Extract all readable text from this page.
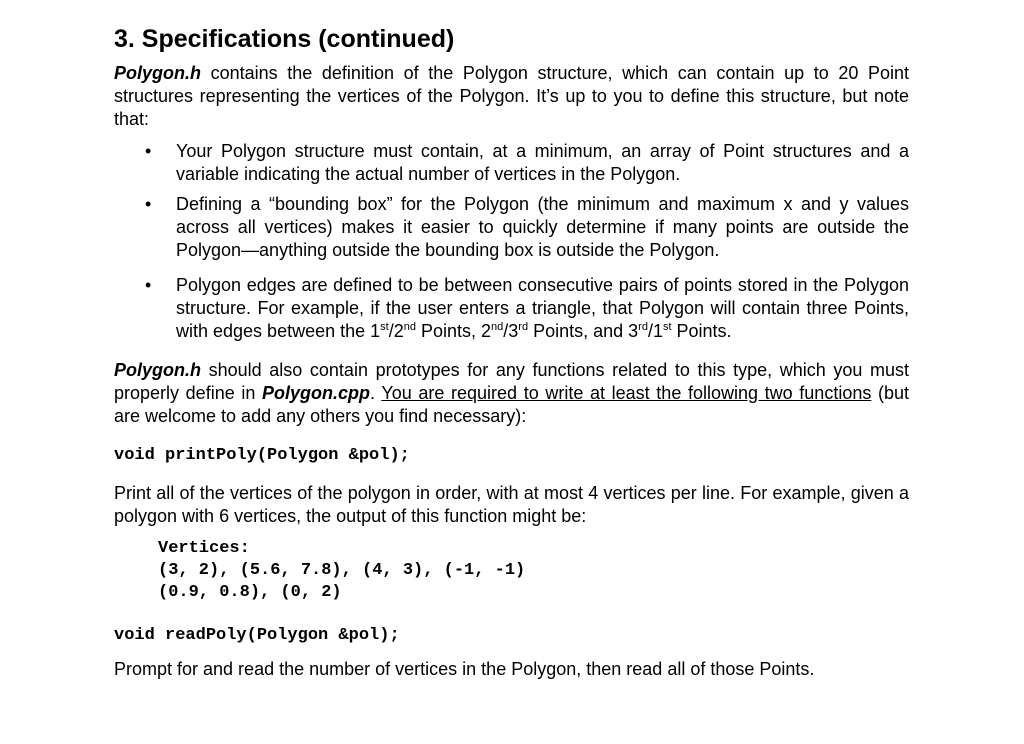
3. Specifications (continued)

Polygon.h contains the definition of the Polygon structure, which can contain up to 20 Point structures representing the vertices of the Polygon. It’s up to you to define this structure, but note that:

• Your Polygon structure must contain, at a minimum, an array of Point structures and a variable indicating the actual number of vertices in the Polygon.
• Defining a “bounding box” for the Polygon (the minimum and maximum x and y values across all vertices) makes it easier to quickly determine if many points are outside the Polygon—anything outside the bounding box is outside the Polygon.
• Polygon edges are defined to be between consecutive pairs of points stored in the Polygon structure. For example, if the user enters a triangle, that Polygon will contain three Points, with edges between the 1st/2nd Points, 2nd/3rd Points, and 3rd/1st Points.

Polygon.h should also contain prototypes for any functions related to this type, which you must properly define in Polygon.cpp. You are required to write at least the following two functions (but are welcome to add any others you find necessary):

void printPoly(Polygon &pol);

Print all of the vertices of the polygon in order, with at most 4 vertices per line. For example, given a polygon with 6 vertices, the output of this function might be:

Vertices:
(3, 2), (5.6, 7.8), (4, 3), (-1, -1)
(0.9, 0.8), (0, 2)
void readPoly(Polygon &pol);

Prompt for and read the number of vertices in the Polygon, then read all of those Points.
